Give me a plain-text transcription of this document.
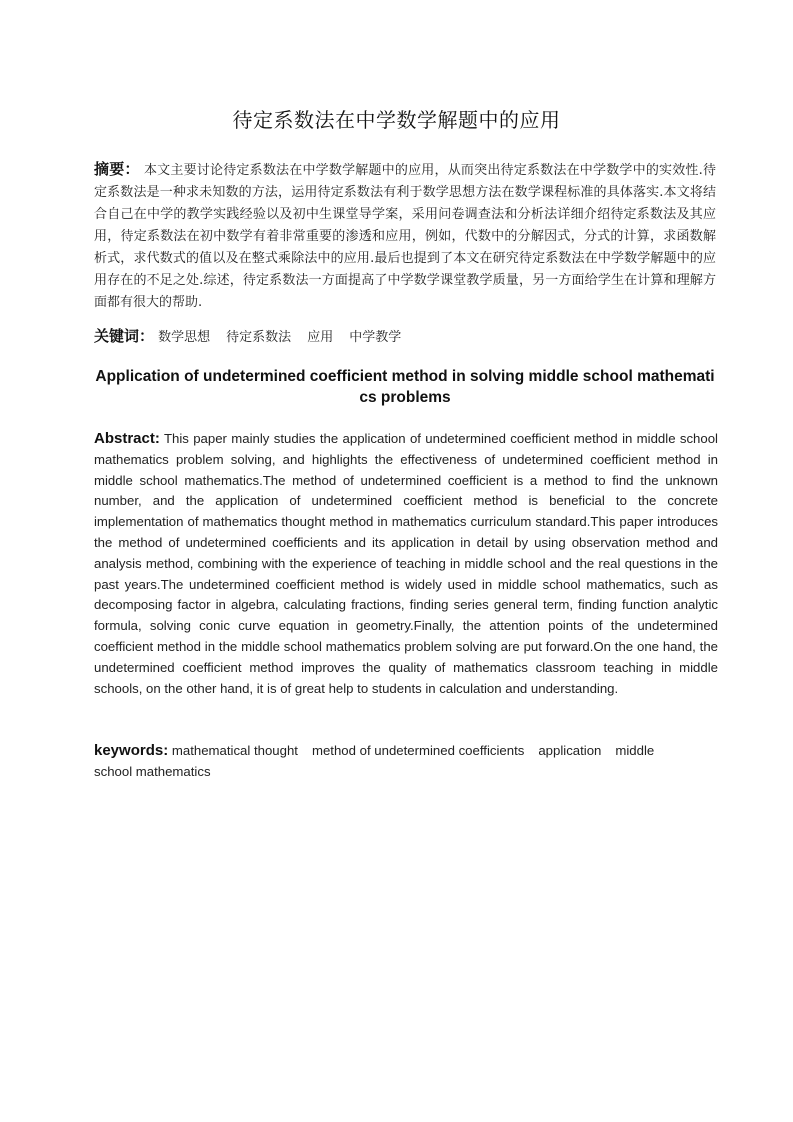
待定系数法在中学数学解题中的应用

摘要： 本文主要讨论待定系数法在中学数学解题中的应用，从而突出待定系数法在中学数学中的实效性.待定系数法是一种求未知数的方法，运用待定系数法有利于数学思想方法在数学课程标准的具体落实.本文将结合自己在中学的教学实践经验以及初中生课堂导学案，采用问卷调查法和分析法详细介绍待定系数法及其应用，待定系数法在初中数学有着非常重要的渗透和应用，例如，代数中的分解因式，分式的计算，求函数解析式，求代数式的值以及在整式乘除法中的应用.最后也提到了本文在研究待定系数法在中学数学解题中的应用存在的不足之处.综述，待定系数法一方面提高了中学数学课堂教学质量，另一方面给学生在计算和理解方面都有很大的帮助.

关键词： 数学思想 待定系数法 应用 中学教学

Application of undetermined coefficient method in solving middle school mathematics problems

Abstract: This paper mainly studies the application of undetermined coefficient method in middle school mathematics problem solving, and highlights the effectiveness of undetermined coefficient method in middle school mathematics.The method of undetermined coefficient is a method to find the unknown number, and the application of undetermined coefficient method is beneficial to the concrete implementation of mathematics thought method in mathematics curriculum standard.This paper introduces the method of undetermined coefficients and its application in detail by using observation method and analysis method, combining with the experience of teaching in middle school and the real questions in the past years.The undetermined coefficient method is widely used in middle school mathematics, such as decomposing factor in algebra, calculating fractions, finding series general term, finding function analytic formula, solving conic curve equation in geometry.Finally, the attention points of the undetermined coefficient method in the middle school mathematics problem solving are put forward.On the one hand, the undetermined coefficient method improves the quality of mathematics classroom teaching in middle schools, on the other hand, it is of great help to students in calculation and understanding.

keywords: mathematical thought method of undetermined coefficients application middle school mathematics
